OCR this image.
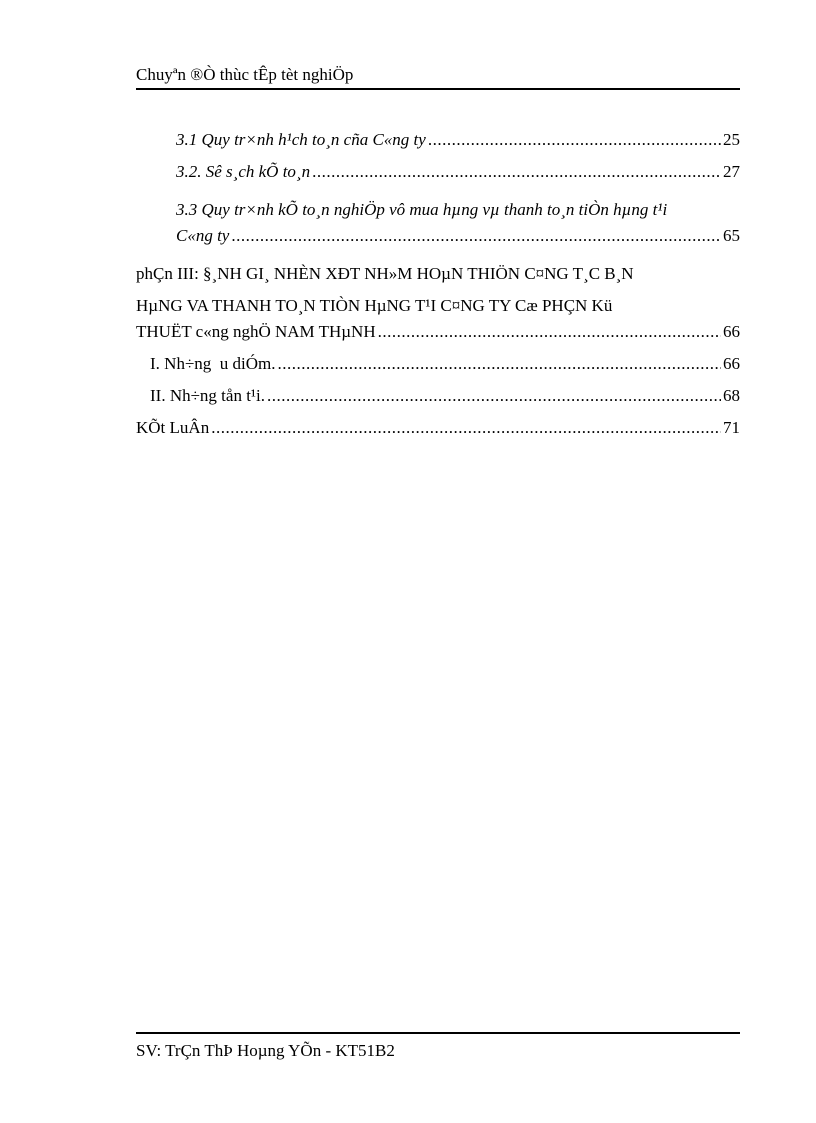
Chuyªn ®Ò thùc tÊp tèt nghiÖp
3.1 Quy tr×nh h¹ch to¸n cña C«ng ty .....	25
3.2. Sê s¸ch kÕ to¸n .....	27
3.3 Quy tr×nh kÕ to¸n nghiÖp vô mua hµng vµ thanh to¸n tiÒn hµng t¹i
C«ng ty .....	65
phÇn III: §¸NH GI¸ NHÈN XÐT NH»M HOµN THIÖN C¤NG T¸C B¸N
HµNG VA THANH TO¸N TIÒN HµNG T¹I C¤NG TY Cæ PHÇN Kü
THUËT c«ng nghÖ NAM THµNH .....	66
I. Nh÷ng u diÓm. .....	66
II. Nh÷ng tån t¹i. .....	68
KÕt LuÂn .....	71
SV: TrÇn ThÞ Hoµng YÕn - KT51B2
